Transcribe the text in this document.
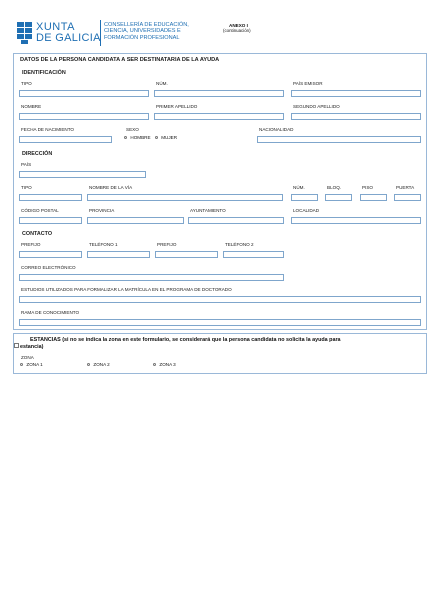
XUNTA
DE GALICIA
CONSELLERÍA DE EDUCACIÓN,
CIENCIA, UNIVERSIDADES E
FORMACIÓN PROFESIONAL
ANEXO I
(continuación)
DATOS DE LA PERSONA CANDIDATA A SER DESTINATARIA DE LA AYUDA
IDENTIFICACIÓN
TIPO	NÚM.	PAÍS EMISOR
NOMBRE	PRIMER APELLIDO	SEGUNDO APELLIDO
FECHA DE NACIMIENTO	SEXO
HOMBRE MUJER
NACIONALIDAD
DIRECCIÓN
PAÍS
TIPO	NOMBRE DE LA VÍA	NÚM.	BLOQ.	PISO	PUERTA
CÓDIGO POSTAL	PROVINCIA	AYUNTAMIENTO	LOCALIDAD
CONTACTO
PREFIJO	TELÉFONO 1	PREFIJO	TELÉFONO 2
CORREO ELECTRÓNICO
ESTUDIOS UTILIZADOS PARA FORMALIZAR LA MATRÍCULA EN EL PROGRAMA DE DOCTORADO
RAMA DE CONOCIMIENTO
ESTANCIAS (si no se indica la zona en este formulario, se considerará que la persona candidata no solicita la ayuda para
estancia)
ZONA
ZONA 1	ZONA 2	ZONA 3
